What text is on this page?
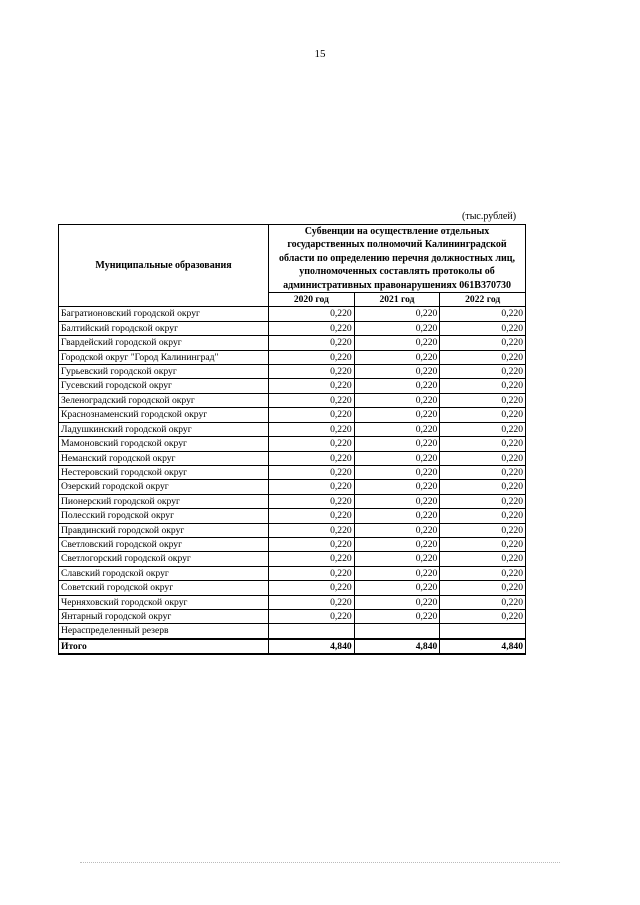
15
(тыс.рублей)
Муниципальные образования	Субвенции на осуществление отдельных государственных полномочий Калининградской области по определению перечня должностных лиц, уполномоченных составлять протоколы об административных правонарушениях 061В370730		
	2020 год	2021 год	2022 год
Багратионовский городской округ	0,220	0,220	0,220
Балтийский городской округ	0,220	0,220	0,220
Гвардейский городской округ	0,220	0,220	0,220
Городской округ "Город Калининград"	0,220	0,220	0,220
Гурьевский городской округ	0,220	0,220	0,220
Гусевский городской округ	0,220	0,220	0,220
Зеленоградский городской округ	0,220	0,220	0,220
Краснознаменский городской округ	0,220	0,220	0,220
Ладушкинский городской округ	0,220	0,220	0,220
Мамоновский городской округ	0,220	0,220	0,220
Неманский городской округ	0,220	0,220	0,220
Нестеровский городской округ	0,220	0,220	0,220
Озерский городской округ	0,220	0,220	0,220
Пионерский городской округ	0,220	0,220	0,220
Полесский городской округ	0,220	0,220	0,220
Правдинский городской округ	0,220	0,220	0,220
Светловский городской округ	0,220	0,220	0,220
Светлогорский городской округ	0,220	0,220	0,220
Славский городской округ	0,220	0,220	0,220
Советский городской округ	0,220	0,220	0,220
Черняховский городской округ	0,220	0,220	0,220
Янтарный городской округ	0,220	0,220	0,220
Нераспределенный резерв			
Итого	4,840	4,840	4,840
